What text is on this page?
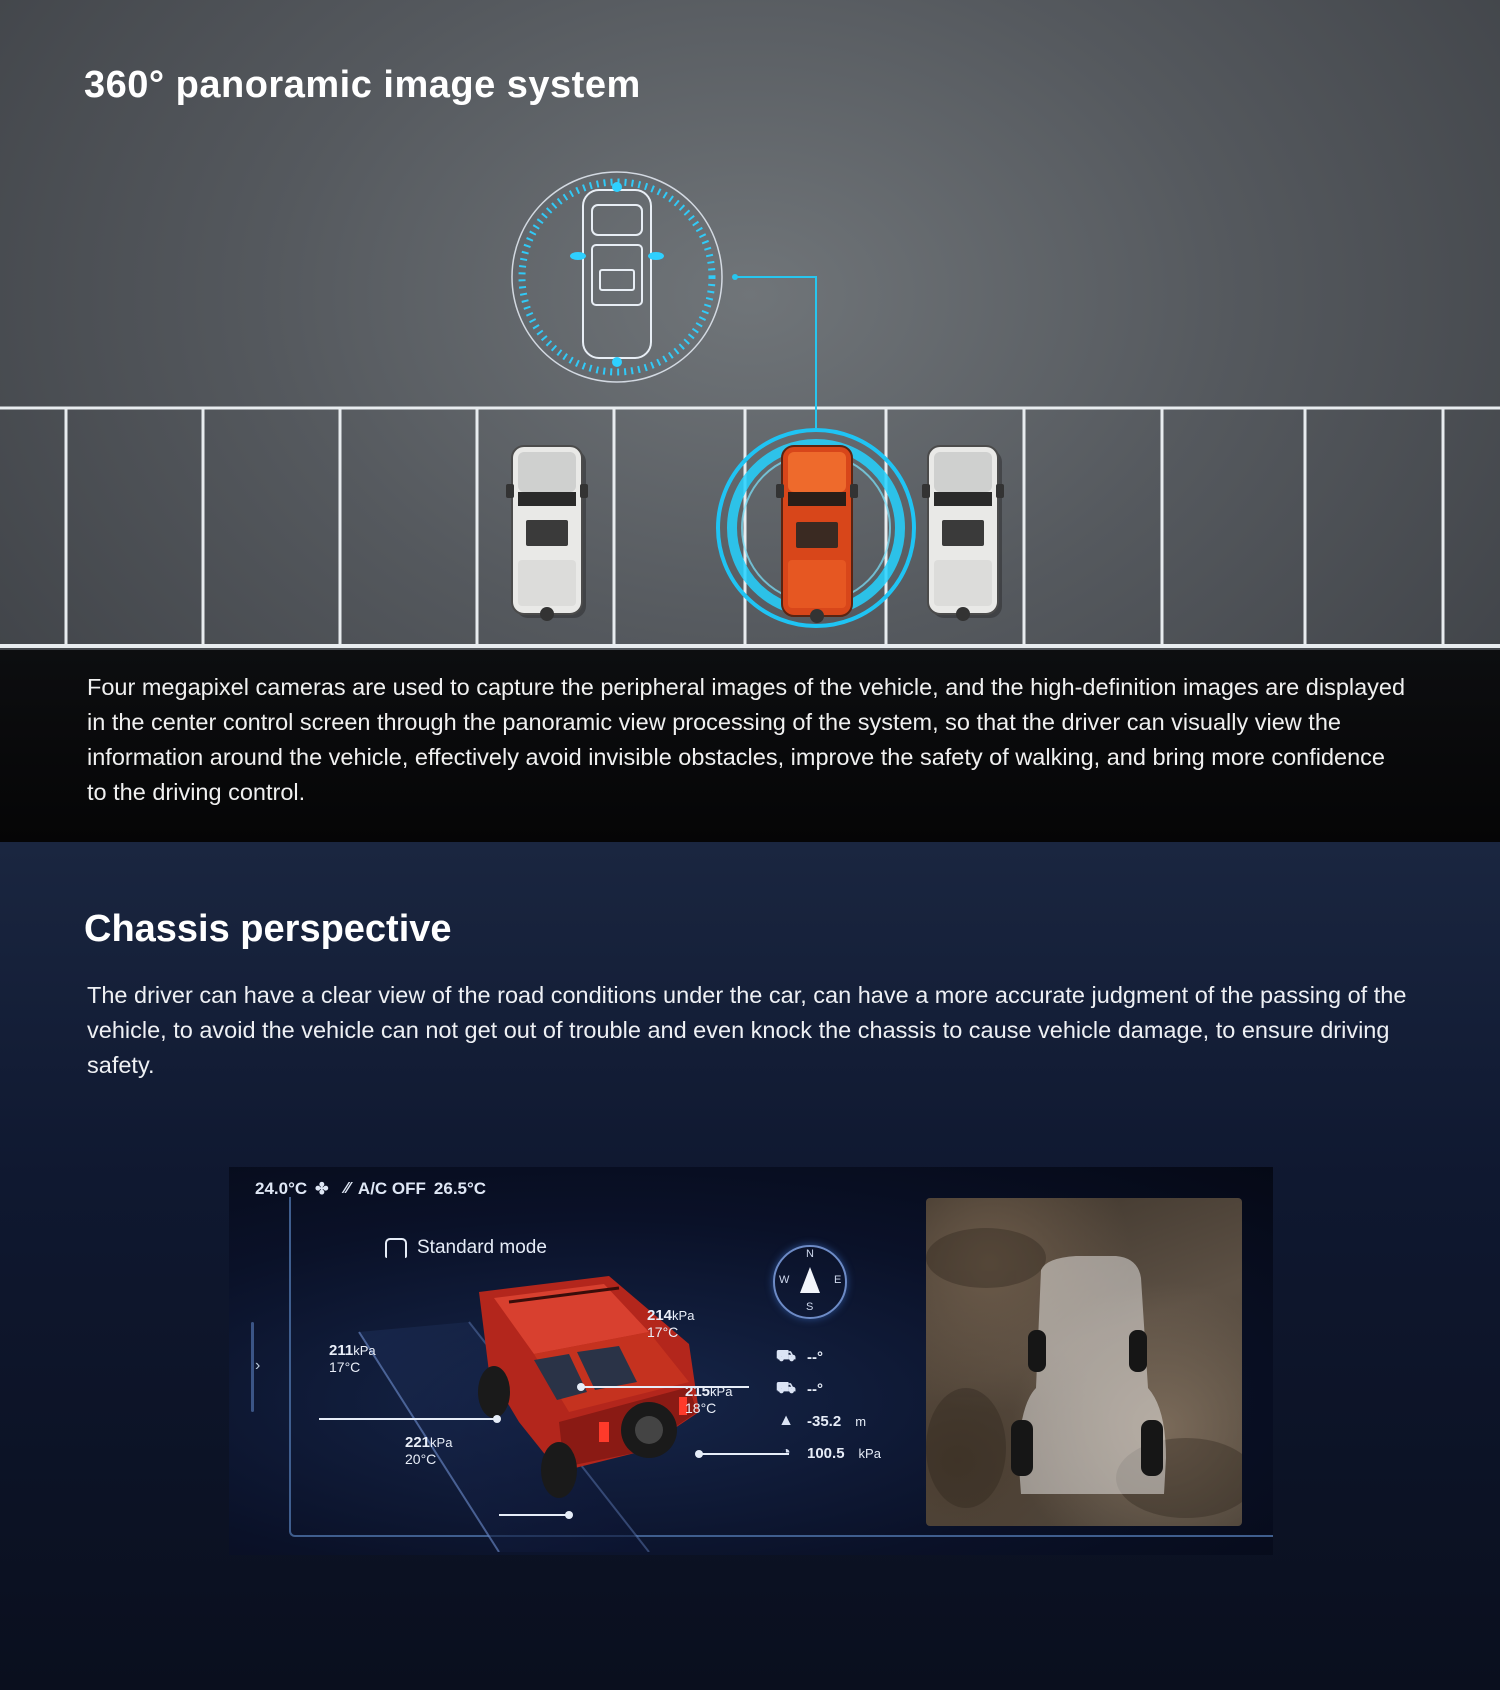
360° panoramic image system

Four megapixel cameras are used to capture the peripheral images of the vehicle, and the high-definition images are displayed in the center control screen through the panoramic view processing of the system, so that the driver can visually view the information around the vehicle, effectively avoid invisible obstacles, improve the safety of walking, and bring more confidence to the driving control.

Chassis perspective

The driver can have a clear view of the road conditions under the car, can have a more accurate judgment of the passing of the vehicle, to avoid the vehicle can not get out of trouble and even knock the chassis to cause vehicle damage, to ensure driving safety.

24.0°C ✤ ⁄⁄ A/C OFF 26.5°C
›
Standard mode
211kPa
17°C
214kPa
17°C
215kPa
18°C
221kPa
20°C
N
S
W	E
⛟ --°
⛟ --°
▲ -35.2 m
◔	100.5 kPa
